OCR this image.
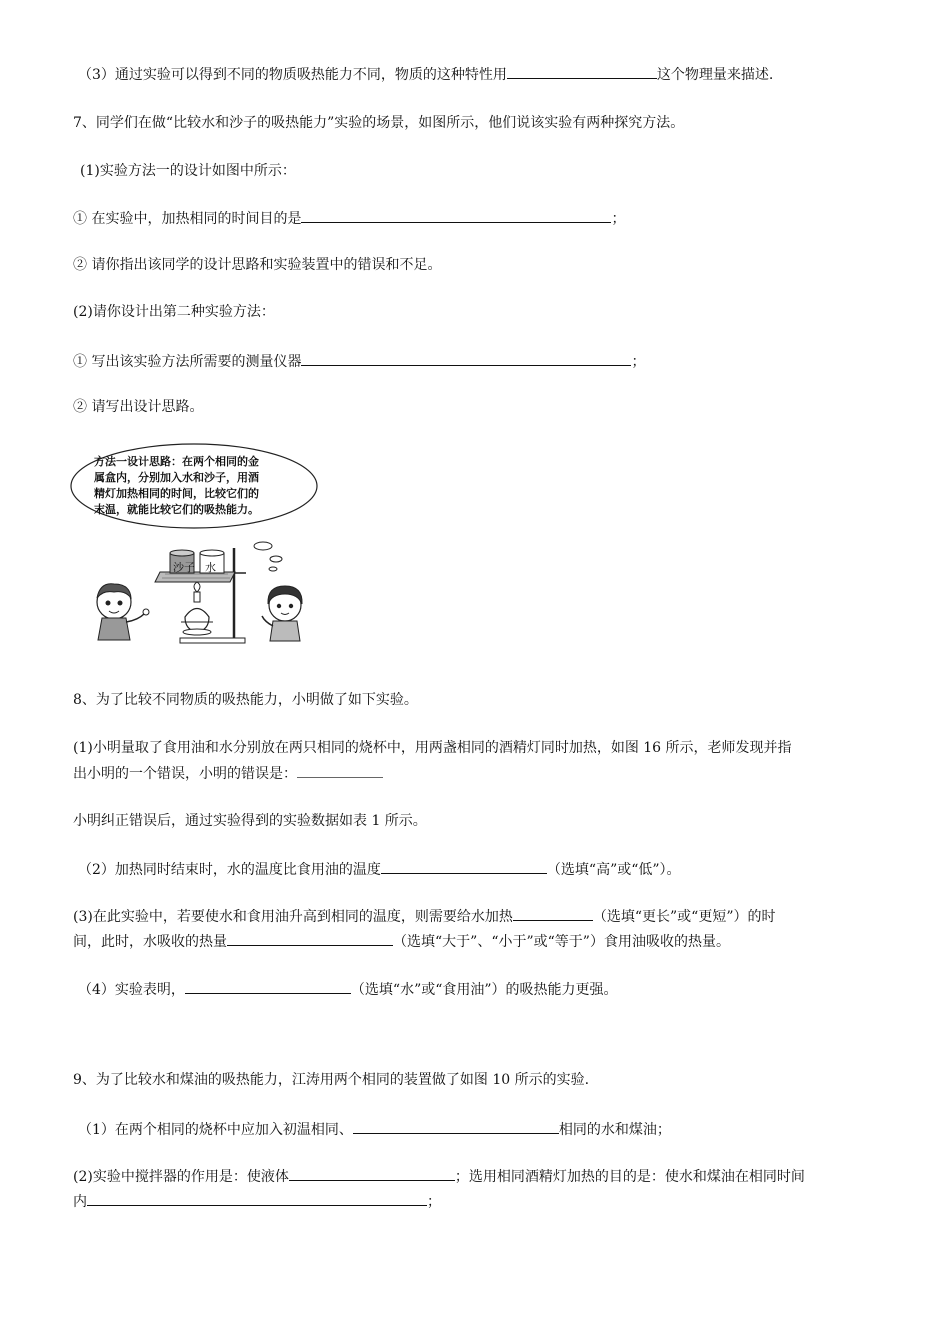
（3）通过实验可以得到不同的物质吸热能力不同，物质的这种特性用	这个物理量来描述.
7、同学们在做“比较水和沙子的吸热能力”实验的场景，如图所示，他们说该实验有两种探究方法。
(1)实验方法一的设计如图中所示：
① 在实验中，加热相同的时间目的是	；
② 请你指出该同学的设计思路和实验装置中的错误和不足。
(2)请你设计出第二种实验方法：
① 写出该实验方法所需要的测量仪器	；
② 请写出设计思路。
方法一设计思路：在两个相同的金
属盒内，分别加入水和沙子，用酒
精灯加热相同的时间，比较它们的
末温，就能比较它们的吸热能力。
沙子 水
8、为了比较不同物质的吸热能力，小明做了如下实验。
(1)小明量取了食用油和水分别放在两只相同的烧杯中，用两盏相同的酒精灯同时加热，如图 16 所示，老师发现并指
出小明的一个错误，小明的错误是：
小明纠正错误后，通过实验得到的实验数据如表 1 所示。
（2）加热同时结束时，水的温度比食用油的温度	（选填“高”或“低”）。
(3)在此实验中，若要使水和食用油升高到相同的温度，则需要给水加热	（选填“更长”或“更短”）的时
间，此时，水吸收的热量	（选填“大于”、“小于”或“等于”）食用油吸收的热量。
（4）实验表明，	（选填“水”或“食用油”）的吸热能力更强。
9、为了比较水和煤油的吸热能力，江涛用两个相同的装置做了如图 10 所示的实验.
（1）在两个相同的烧杯中应加入初温相同、	相同的水和煤油；
(2)实验中搅拌器的作用是：使液体	；选用相同酒精灯加热的目的是：使水和煤油在相同时间
内	；
